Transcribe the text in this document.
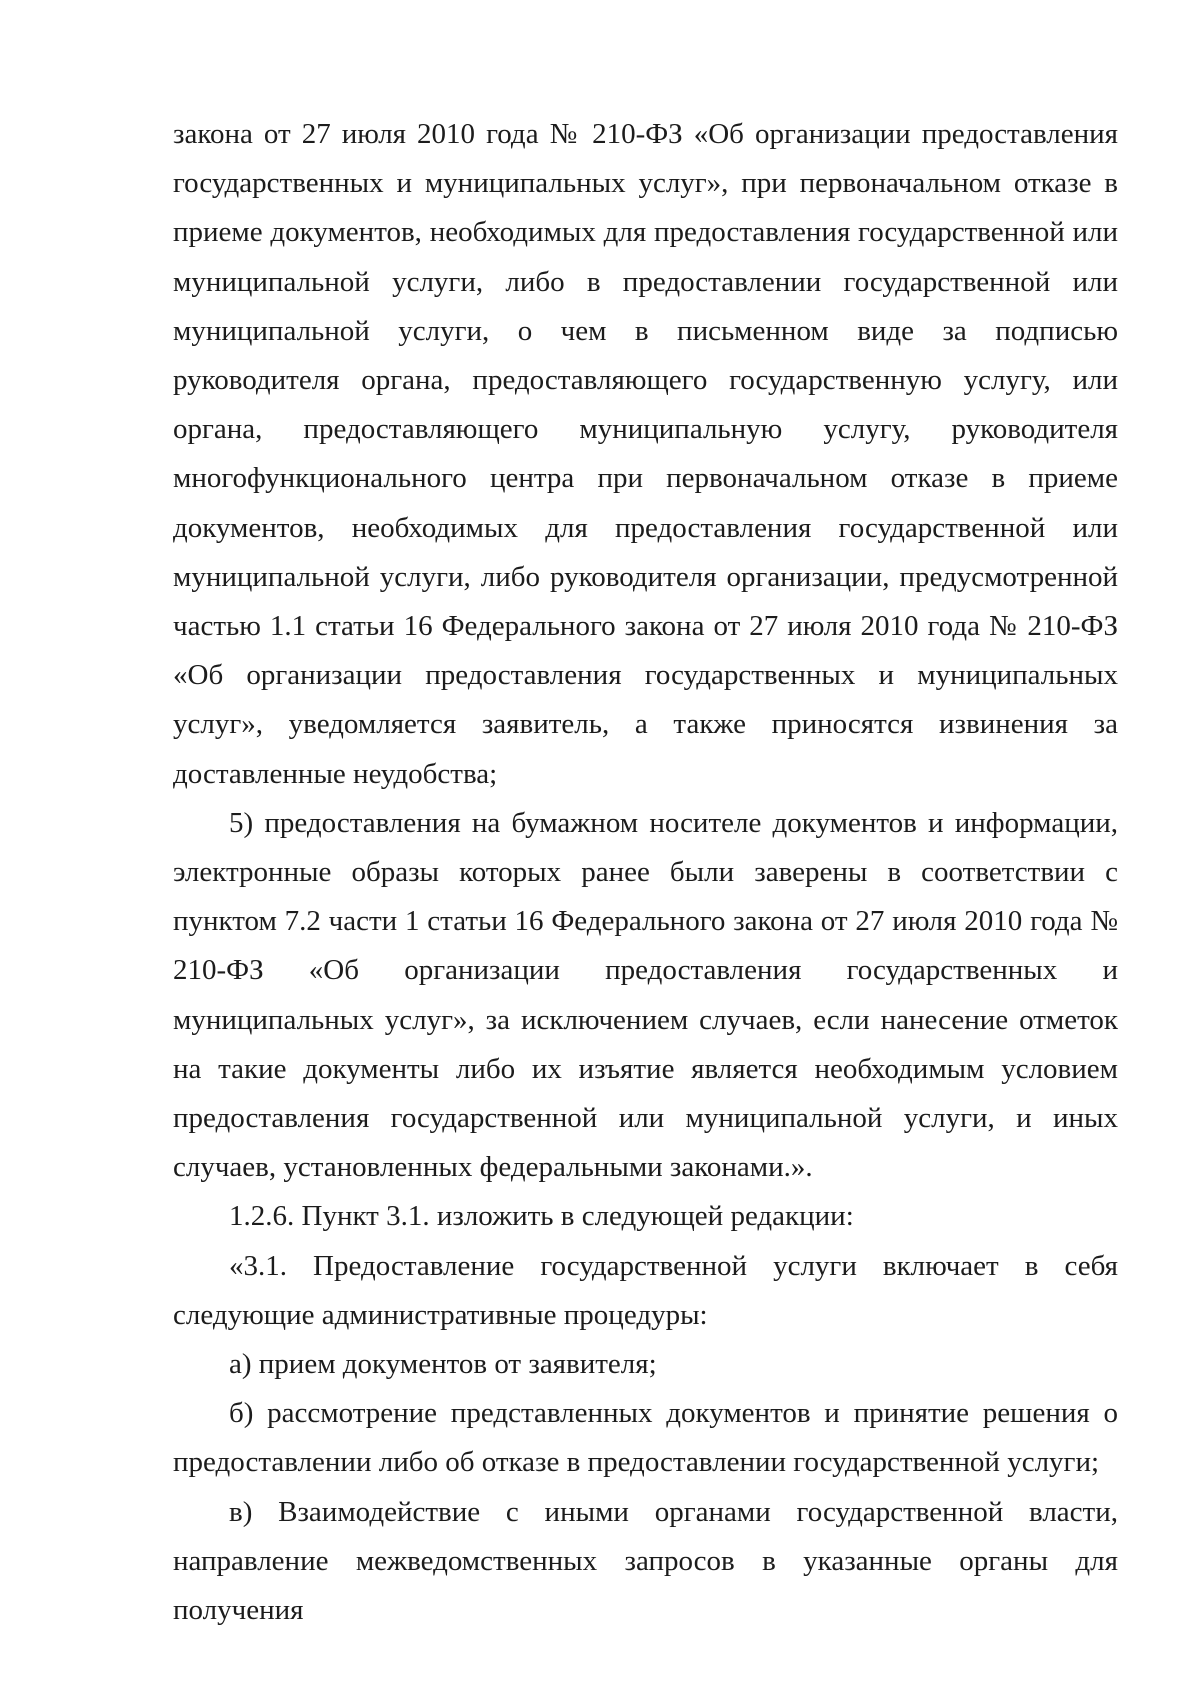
закона от 27 июля 2010 года № 210-ФЗ «Об организации предоставления государственных и муниципальных услуг», при первоначальном отказе в приеме документов, необходимых для предоставления государственной или муниципальной услуги, либо в предоставлении государственной или муниципальной услуги, о чем в письменном виде за подписью руководителя органа, предоставляющего государственную услугу, или органа, предоставляющего муниципальную услугу, руководителя многофункционального центра при первоначальном отказе в приеме документов, необходимых для предоставления государственной или муниципальной услуги, либо руководителя организации, предусмотренной частью 1.1 статьи 16 Федерального закона от 27 июля 2010 года № 210-ФЗ «Об организации предоставления государственных и муниципальных услуг», уведомляется заявитель, а также приносятся извинения за доставленные неудобства;

5) предоставления на бумажном носителе документов и информации, электронные образы которых ранее были заверены в соответствии с пунктом 7.2 части 1 статьи 16 Федерального закона от 27 июля 2010 года № 210-ФЗ «Об организации предоставления государственных и муниципальных услуг», за исключением случаев, если нанесение отметок на такие документы либо их изъятие является необходимым условием предоставления государственной или муниципальной услуги, и иных случаев, установленных федеральными законами.».

1.2.6. Пункт 3.1. изложить в следующей редакции:

«3.1. Предоставление государственной услуги включает в себя следующие административные процедуры:

а) прием документов от заявителя;

б) рассмотрение представленных документов и принятие решения о предоставлении либо об отказе в предоставлении государственной услуги;

в) Взаимодействие с иными органами государственной власти, направление межведомственных запросов в указанные органы для получения
